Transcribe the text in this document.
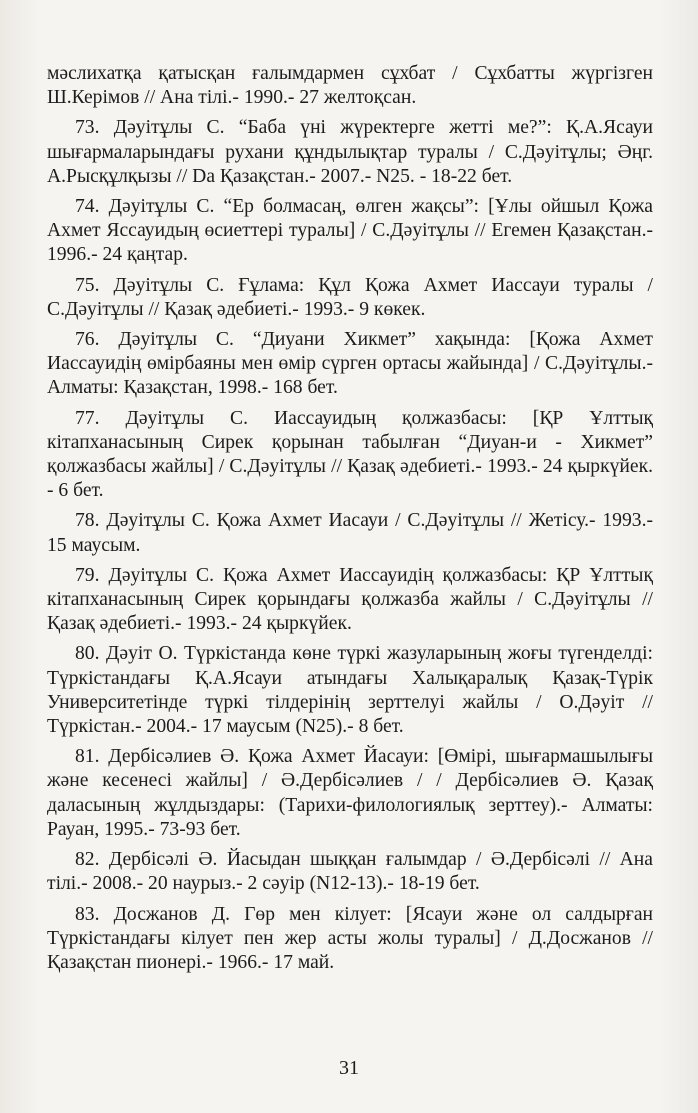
мәслихатқа қатысқан ғалымдармен сұхбат / Сұхбатты жүргізген Ш.Керімов // Ана тілі.- 1990.- 27 желтоқсан.

73. Дәуітұлы С. “Баба үні жүректерге жетті ме?”: Қ.А.Ясауи шығармаларындағы рухани құндылықтар туралы / С.Дәуітұлы; Әңг. А.Рысқұлқызы // Da Қазақстан.- 2007.- N25. - 18-22 бет.

74. Дәуітұлы С. “Ер болмасаң, өлген жақсы”: [Ұлы ойшыл Қожа Ахмет Яссауидың өсиеттері туралы] / С.Дәуітұлы // Егемен Қазақстан.- 1996.- 24 қаңтар.

75. Дәуітұлы С. Ғұлама: Құл Қожа Ахмет Иассауи туралы / С.Дәуітұлы // Қазақ әдебиеті.- 1993.- 9 көкек.

76. Дәуітұлы С. “Диуани Хикмет” хақында: [Қожа Ахмет Иассауидің өмірбаяны мен өмір сүрген ортасы жайында] / С.Дәуітұлы.- Алматы: Қазақстан, 1998.- 168 бет.

77. Дәуітұлы С. Иассауидың қолжазбасы: [ҚР Ұлттық кітапханасының Сирек қорынан табылған “Диуан-и - Хикмет” қолжазбасы жайлы] / С.Дәуітұлы // Қазақ әдебиеті.- 1993.- 24 қыркүйек. - 6 бет.

78. Дәуітұлы С. Қожа Ахмет Иасауи / С.Дәуітұлы // Жетісу.- 1993.- 15 маусым.

79. Дәуітұлы С. Қожа Ахмет Иассауидің қолжазбасы: ҚР Ұлттық кітапханасының Сирек қорындағы қолжазба жайлы / С.Дәуітұлы // Қазақ әдебиеті.- 1993.- 24 қыркүйек.

80. Дәуіт О. Түркістанда көне түркі жазуларының жоғы түгенделді: Түркістандағы Қ.А.Ясауи атындағы Халықаралық Қазақ-Түрік Университетінде түркі тілдерінің зерттелуі жайлы / О.Дәуіт // Түркістан.- 2004.- 17 маусым (N25).- 8 бет.

81. Дербісәлиев Ә. Қожа Ахмет Йасауи: [Өмірі, шығармашылығы және кесенесі жайлы] / Ә.Дербісәлиев / / Дербісәлиев Ә. Қазақ даласының жұлдыздары: (Тарихи-филологиялық зерттеу).- Алматы: Рауан, 1995.- 73-93 бет.

82. Дербісәлі Ә. Йасыдан шыққан ғалымдар / Ә.Дербісәлі // Ана тілі.- 2008.- 20 наурыз.- 2 сәуір (N12-13).- 18-19 бет.

83. Досжанов Д. Гөр мен кілует: [Ясауи және ол салдырған Түркістандағы кілует пен жер асты жолы туралы] / Д.Досжанов // Қазақстан пионері.- 1966.- 17 май.

31
